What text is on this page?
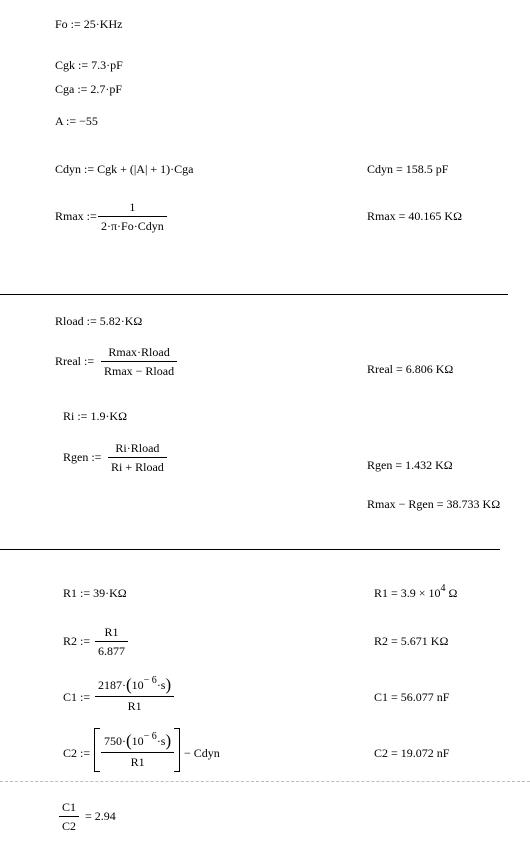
Fo := 25·KHz
Cgk := 7.3·pF
Cga := 2.7·pF
A := −55
Cdyn := Cgk + (|A| + 1)·Cga	Cdyn = 158.5 pF
Rmax :=
1
2·π·Fo·Cdyn
Rmax = 40.165 KΩ
Rload := 5.82·KΩ
Rreal :=
Rmax·Rload
Rmax − Rload	Rreal = 6.806 KΩ
Ri := 1.9·KΩ
Rgen :=
Ri·Rload
Ri + Rload	Rgen = 1.432 KΩ
Rmax − Rgen = 38.733 KΩ
R1 := 39·KΩ	$R1 = 3.9 \times 10^4$ Ω
R2 :=
R1
6.877
R2 = 5.671 KΩ
C1 :=
$2187\cdot(10^{- 6}\cdot s)$
R1
C1 = 56.077 nF
C2 :=
$750\cdot(10^{- 6}\cdot s)$
R1
− Cdyn	C2 = 19.072 nF
C1
C2
= 2.94
